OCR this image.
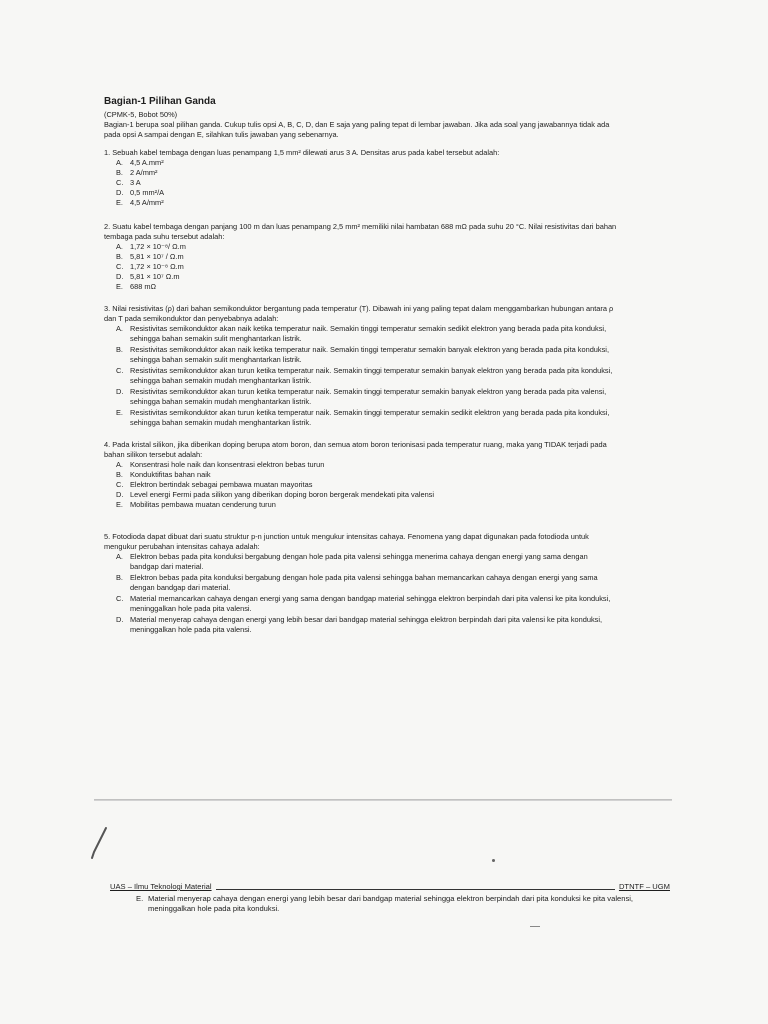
Bagian-1 Pilihan Ganda

(CPMK-5, Bobot 50%)

Bagian-1 berupa soal pilihan ganda. Cukup tulis opsi A, B, C, D, dan E saja yang paling tepat di lembar jawaban. Jika ada soal yang jawabannya tidak ada pada opsi A sampai dengan E, silahkan tulis jawaban yang sebenarnya.

1. Sebuah kabel tembaga dengan luas penampang 1,5 mm² dilewati arus 3 A. Densitas arus pada kabel tersebut adalah:

A. 4,5 A.mm²
B. 2 A/mm²
C. 3 A
D. 0,5 mm²/A
E. 4,5 A/mm²

2. Suatu kabel tembaga dengan panjang 100 m dan luas penampang 2,5 mm² memiliki nilai hambatan 688 mΩ pada suhu 20 °C. Nilai resistivitas dari bahan tembaga pada suhu tersebut adalah:

A. 1,72 × 10⁻⁸/ Ω.m
B. 5,81 × 10⁷ / Ω.m
C. 1,72 × 10⁻⁸ Ω.m
D. 5,81 × 10⁷ Ω.m
E. 688 mΩ

3. Nilai resistivitas (ρ) dari bahan semikonduktor bergantung pada temperatur (T). Dibawah ini yang paling tepat dalam menggambarkan hubungan antara ρ dan T pada semikonduktor dan penyebabnya adalah:

A. Resistivitas semikonduktor akan naik ketika temperatur naik. Semakin tinggi temperatur semakin sedikit elektron yang berada pada pita konduksi, sehingga bahan semakin sulit menghantarkan listrik.
B. Resistivitas semikonduktor akan naik ketika temperatur naik. Semakin tinggi temperatur semakin banyak elektron yang berada pada pita konduksi, sehingga bahan semakin sulit menghantarkan listrik.
C. Resistivitas semikonduktor akan turun ketika temperatur naik. Semakin tinggi temperatur semakin banyak elektron yang berada pada pita konduksi, sehingga bahan semakin mudah menghantarkan listrik.
D. Resistivitas semikonduktor akan turun ketika temperatur naik. Semakin tinggi temperatur semakin banyak elektron yang berada pada pita valensi, sehingga bahan semakin mudah menghantarkan listrik.
E. Resistivitas semikonduktor akan turun ketika temperatur naik. Semakin tinggi temperatur semakin sedikit elektron yang berada pada pita konduksi, sehingga bahan semakin mudah menghantarkan listrik.

4. Pada kristal silikon, jika diberikan doping berupa atom boron, dan semua atom boron terionisasi pada temperatur ruang, maka yang TIDAK terjadi pada bahan silikon tersebut adalah:

A. Konsentrasi hole naik dan konsentrasi elektron bebas turun
B. Konduktifitas bahan naik
C. Elektron bertindak sebagai pembawa muatan mayoritas
D. Level energi Fermi pada silikon yang diberikan doping boron bergerak mendekati pita valensi
E. Mobilitas pembawa muatan cenderung turun

5. Fotodioda dapat dibuat dari suatu struktur p-n junction untuk mengukur intensitas cahaya. Fenomena yang dapat digunakan pada fotodioda untuk mengukur perubahan intensitas cahaya adalah:

A. Elektron bebas pada pita konduksi bergabung dengan hole pada pita valensi sehingga menerima cahaya dengan energi yang sama dengan bandgap dari material.
B. Elektron bebas pada pita konduksi bergabung dengan hole pada pita valensi sehingga bahan memancarkan cahaya dengan energi yang sama dengan bandgap dari material.
C. Material memancarkan cahaya dengan energi yang sama dengan bandgap material sehingga elektron berpindah dari pita valensi ke pita konduksi, meninggalkan hole pada pita valensi.
D. Material menyerap cahaya dengan energi yang lebih besar dari bandgap material sehingga elektron berpindah dari pita valensi ke pita konduksi, meninggalkan hole pada pita valensi.
UAS – Ilmu Teknologi Material	DTNTF – UGM
E. Material menyerap cahaya dengan energi yang lebih besar dari bandgap material sehingga elektron berpindah dari pita konduksi ke pita valensi, meninggalkan hole pada pita konduksi.
